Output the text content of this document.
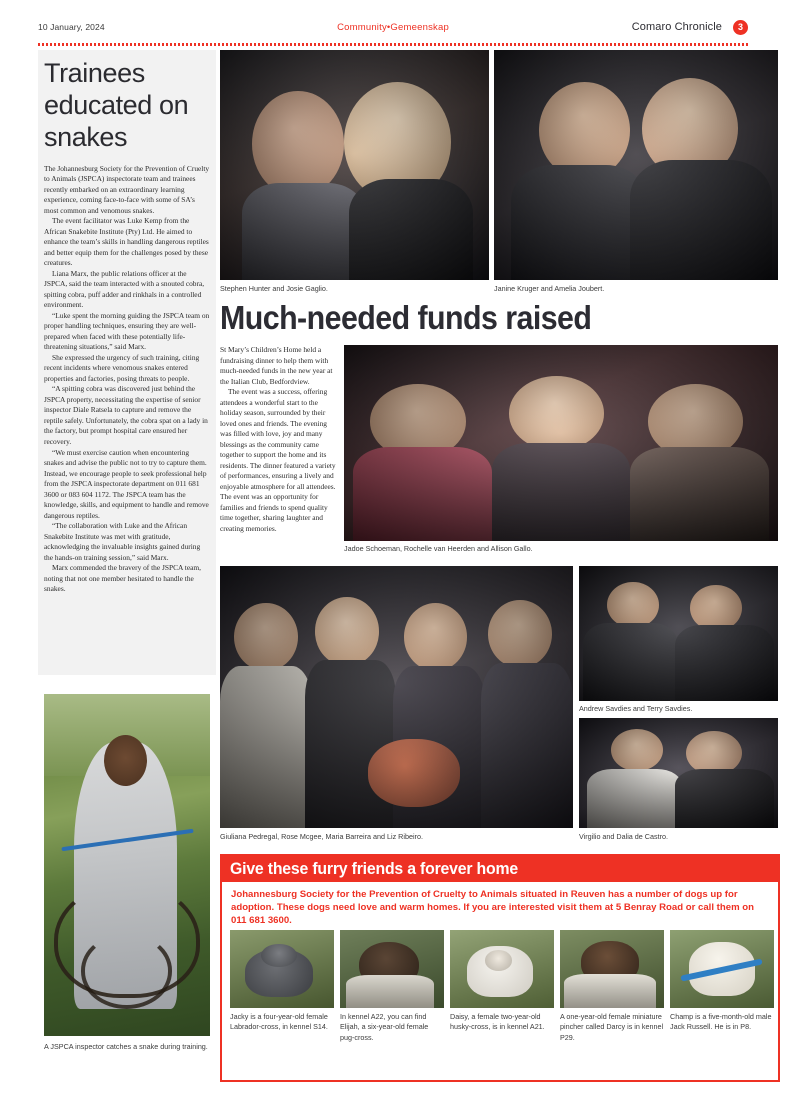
10 January, 2024	Community•Gemeenskap	Comaro Chronicle	3
Trainees educated on snakes

The Johannesburg Society for the Prevention of Cruelty to Animals (JSPCA) inspectorate team and trainees recently embarked on an extraordinary learning experience, coming face-to-face with some of SA’s most common and venomous snakes.

The event facilitator was Luke Kemp from the African Snakebite Institute (Pty) Ltd. He aimed to enhance the team’s skills in handling dangerous reptiles and better equip them for the challenges posed by these creatures.

Liana Marx, the public relations officer at the JSPCA, said the team interacted with a snouted cobra, spitting cobra, puff adder and rinkhals in a controlled environment.

“Luke spent the morning guiding the JSPCA team on proper handling techniques, ensuring they are well-prepared when faced with these potentially life-threatening situations,” said Marx.

She expressed the urgency of such training, citing recent incidents where venomous snakes entered properties and factories, posing threats to people.

“A spitting cobra was discovered just behind the JSPCA property, necessitating the expertise of senior inspector Diale Ratsela to capture and remove the reptile safely. Unfortunately, the cobra spat on a lady in the factory, but prompt hospital care ensured her recovery.

“We must exercise caution when encountering snakes and advise the public not to try to capture them. Instead, we encourage people to seek professional help from the JSPCA inspectorate department on 011 681 3600 or 083 604 1172. The JSPCA team has the knowledge, skills, and equipment to handle and remove dangerous reptiles.

“The collaboration with Luke and the African Snakebite Institute was met with gratitude, acknowledging the invaluable insights gained during the hands-on training session,” said Marx.

Marx commended the bravery of the JSPCA team, noting that not one member hesitated to handle the snakes.

A JSPCA inspector catches a snake during training.
Stephen Hunter and Josie Gaglio.	Janine Kruger and Amelia Joubert.
Much-needed funds raised

St Mary’s Children’s Home held a fundraising dinner to help them with much-needed funds in the new year at the Italian Club, Bedfordview.

The event was a success, offering attendees a wonderful start to the holiday season, surrounded by their loved ones and friends. The evening was filled with love, joy and many blessings as the community came together to support the home and its residents. The dinner featured a variety of performances, ensuring a lively and enjoyable atmosphere for all attendees. The event was an opportunity for families and friends to spend quality time together, sharing laughter and creating memories.

Jadoe Schoeman, Rochelle van Heerden and Allison Gallo.
Giuliana Pedregal, Rose Mcgee, Maria Barreira and Liz Ribeiro.
Andrew Savdies and Terry Savdies.
Virgilio and Dalia de Castro.
Give these furry friends a forever home
Johannesburg Society for the Prevention of Cruelty to Animals situated in Reuven has a number of dogs up for adoption. These dogs need love and warm homes. If you are interested visit them at 5 Benray Road or call them on 011 681 3600.
Jacky is a four-year-old female Labrador-cross, in kennel S14.
In kennel A22, you can find Elijah, a six-year-old female pug-cross.
Daisy, a female two-year-old husky-cross, is in kennel A21.
A one-year-old female miniature pincher called Darcy is in kennel P29.
Champ is a five-month-old male Jack Russell. He is in P8.
